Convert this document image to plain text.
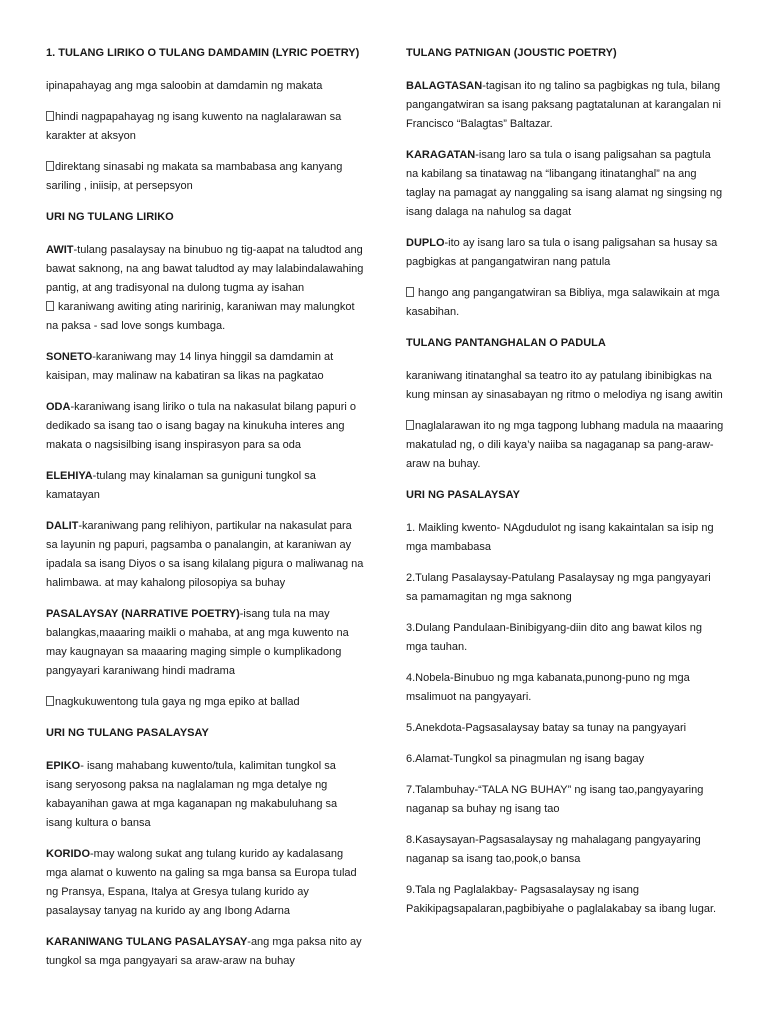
1. TULANG LIRIKO O TULANG DAMDAMIN (LYRIC POETRY)
ipinapahayag ang mga saloobin at damdamin ng makata
hindi nagpapahayag ng isang kuwento na naglalarawan sa karakter at aksyon
direktang sinasabi ng makata sa mambabasa ang kanyang sariling , iniisip, at persepsyon
URI NG TULANG LIRIKO
AWIT-tulang pasalaysay na binubuo ng tig-aapat na taludtod ang bawat saknong, na ang bawat taludtod ay may lalabindalawahing pantig, at ang tradisyonal na dulong tugma ay isahan
karaniwang awiting ating naririnig, karaniwan may malungkot na paksa - sad love songs kumbaga.
SONETO-karaniwang may 14 linya hinggil sa damdamin at kaisipan, may malinaw na kabatiran sa likas na pagkatao
ODA-karaniwang isang liriko o tula na nakasulat bilang papuri o dedikado sa isang tao o isang bagay na kinukuha interes ang makata o nagsisilbing isang inspirasyon para sa oda
ELEHIYA-tulang may kinalaman sa guniguni tungkol sa kamatayan
DALIT-karaniwang pang relihiyon, partikular na nakasulat para sa layunin ng papuri, pagsamba o panalangin, at karaniwan ay ipadala sa isang Diyos o sa isang kilalang pigura o maliwanag na halimbawa. at may kahalong pilosopiya sa buhay
PASALAYSAY (NARRATIVE POETRY)-isang tula na may balangkas,maaaring maikli o mahaba, at ang mga kuwento na may kaugnayan sa maaaring maging simple o kumplikadong pangyayari karaniwang hindi madrama
nagkukuwentong tula gaya ng mga epiko at ballad
URI NG TULANG PASALAYSAY
EPIKO- isang mahabang kuwento/tula, kalimitan tungkol sa isang seryosong paksa na naglalaman ng mga detalye ng kabayanihan gawa at mga kaganapan ng makabuluhang sa isang kultura o bansa
KORIDO-may walong sukat ang tulang kurido ay kadalasang mga alamat o kuwento na galing sa mga bansa sa Europa tulad ng Pransya, Espana, Italya at Gresya tulang kurido ay pasalaysay tanyag na kurido ay ang Ibong Adarna
KARANIWANG TULANG PASALAYSAY-ang mga paksa nito ay tungkol sa mga pangyayari sa araw-araw na buhay
TULANG PATNIGAN (JOUSTIC POETRY)
BALAGTASAN-tagisan ito ng talino sa pagbigkas ng tula, bilang pangangatwiran sa isang paksang pagtatalunan at karangalan ni Francisco “Balagtas” Baltazar.
KARAGATAN-isang laro sa tula o isang paligsahan sa pagtula na kabilang sa tinatawag na “libangang itinatanghal” na ang taglay na pamagat ay nanggaling sa isang alamat ng singsing ng isang dalaga na nahulog sa dagat
DUPLO-ito ay isang laro sa tula o isang paligsahan sa husay sa pagbigkas at pangangatwiran nang patula
hango ang pangangatwiran sa Bibliya, mga salawikain at mga kasabihan.
TULANG PANTANGHALAN O PADULA
karaniwang itinatanghal sa teatro ito ay patulang ibinibigkas na kung minsan ay sinasabayan ng ritmo o melodiya ng isang awitin
naglalarawan ito ng mga tagpong lubhang madula na maaaring makatulad ng, o dili kaya’y naiiba sa nagaganap sa pang-araw-araw na buhay.
URI NG PASALAYSAY
1. Maikling kwento- NAgdudulot ng isang kakaintalan sa isip ng mga mambabasa
2.Tulang Pasalaysay-Patulang Pasalaysay ng mga pangyayari sa pamamagitan ng mga saknong
3.Dulang Pandulaan-Binibigyang-diin dito ang bawat kilos ng mga tauhan.
4.Nobela-Binubuo ng mga kabanata,punong-puno ng mga msalimuot na pangyayari.
5.Anekdota-Pagsasalaysay batay sa tunay na pangyayari
6.Alamat-Tungkol sa pinagmulan ng isang bagay
7.Talambuhay-“TALA NG BUHAY” ng isang tao,pangyayaring naganap sa buhay ng isang tao
8.Kasaysayan-Pagsasalaysay ng mahalagang pangyayaring naganap sa isang tao,pook,o bansa
9.Tala ng Paglalakbay- Pagsasalaysay ng isang Pakikipagsapalaran,pagbibiyahe o paglalakabay sa ibang lugar.
